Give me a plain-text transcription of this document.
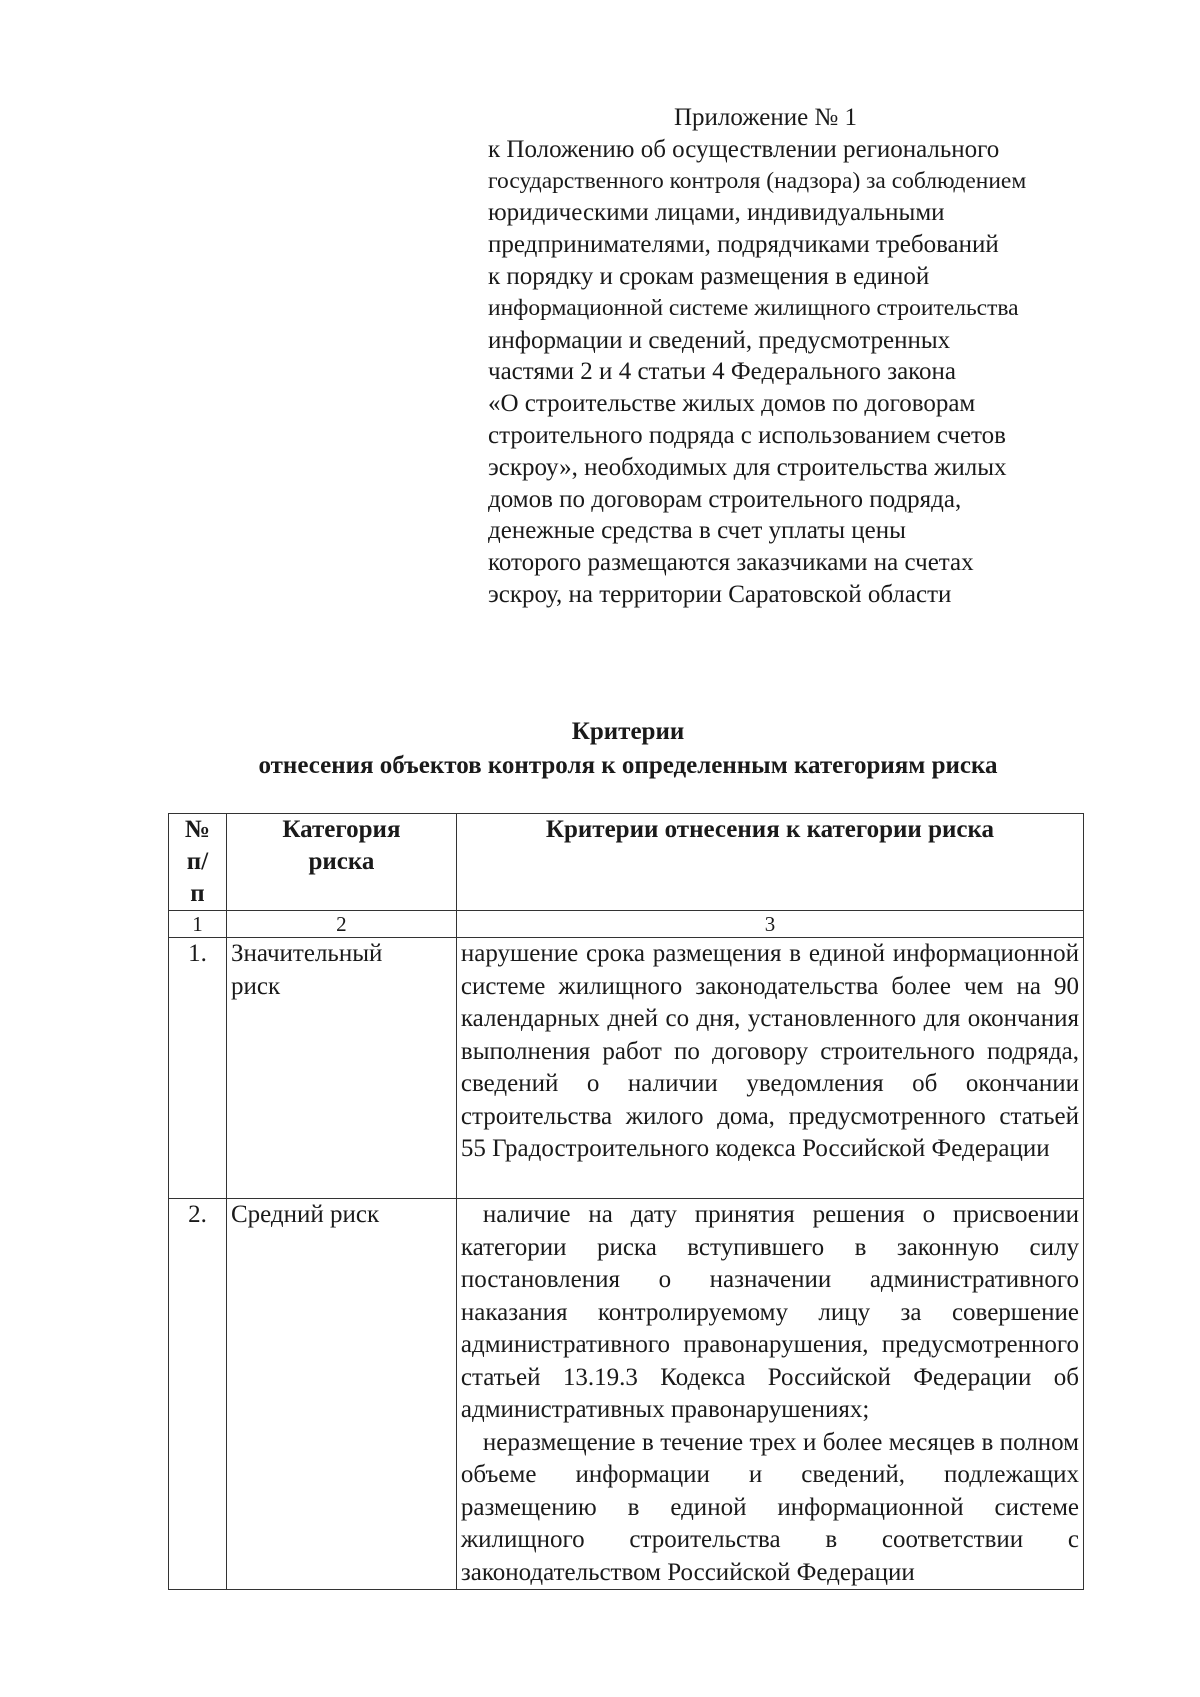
Приложение № 1
к Положению об осуществлении регионального
государственного контроля (надзора) за соблюдением
юридическими лицами, индивидуальными
предпринимателями, подрядчиками требований
к порядку и срокам размещения в единой
информационной системе жилищного строительства
информации и сведений, предусмотренных
частями 2 и 4 статьи 4 Федерального закона
«О строительстве жилых домов по договорам
строительного подряда с использованием счетов
эскроу», необходимых для строительства жилых
домов по договорам строительного подряда,
денежные средства в счет уплаты цены
которого размещаются заказчиками на счетах
эскроу, на территории Саратовской области
Критерии
отнесения объектов контроля к определенным категориям риска
№ п/п	Категория риска	Критерии отнесения к категории риска
1	2	3
1.	Значительный риск	нарушение срока размещения в единой информационной системе жилищного законодательства более чем на 90 календарных дней со дня, установленного для окончания выполнения работ по договору строительного подряда, сведений о наличии уведомления об окончании строительства жилого дома, предусмотренного статьей 55 Градостроительного кодекса Российской Федерации
2.	Средний риск	наличие на дату принятия решения о присвоении категории риска вступившего в законную силу постановления о назначении административного наказания контролируемому лицу за совершение административного правонарушения, предусмотренного статьей 13.19.3 Кодекса Российской Федерации об административных правонарушениях;
неразмещение в течение трех и более месяцев в полном объеме информации и сведений, подлежащих размещению в единой информационной системе жилищного строительства в соответствии с законодательством Российской Федерации
